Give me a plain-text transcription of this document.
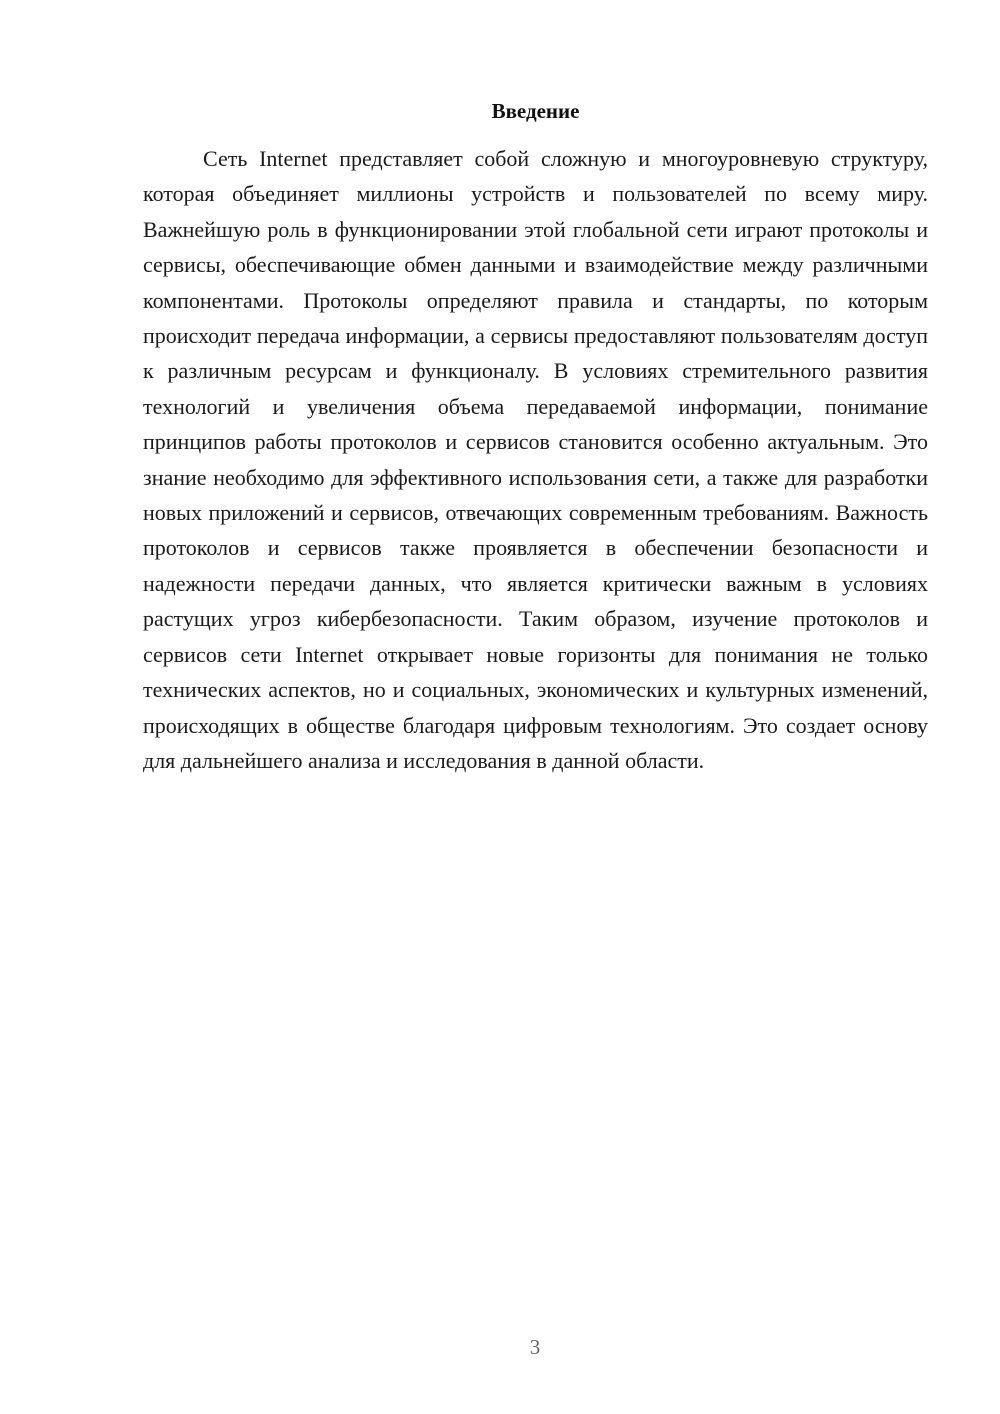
Введение

Сеть Internet представляет собой сложную и многоуровневую структуру, которая объединяет миллионы устройств и пользователей по всему миру. Важнейшую роль в функционировании этой глобальной сети играют протоколы и сервисы, обеспечивающие обмен данными и взаимодействие между различными компонентами. Протоколы определяют правила и стандарты, по которым происходит передача информации, а сервисы предоставляют пользователям доступ к различным ресурсам и функционалу. В условиях стремительного развития технологий и увеличения объема передаваемой информации, понимание принципов работы протоколов и сервисов становится особенно актуальным. Это знание необходимо для эффективного использования сети, а также для разработки новых приложений и сервисов, отвечающих современным требованиям. Важность протоколов и сервисов также проявляется в обеспечении безопасности и надежности передачи данных, что является критически важным в условиях растущих угроз кибербезопасности. Таким образом, изучение протоколов и сервисов сети Internet открывает новые горизонты для понимания не только технических аспектов, но и социальных, экономических и культурных изменений, происходящих в обществе благодаря цифровым технологиям. Это создает основу для дальнейшего анализа и исследования в данной области.

3
